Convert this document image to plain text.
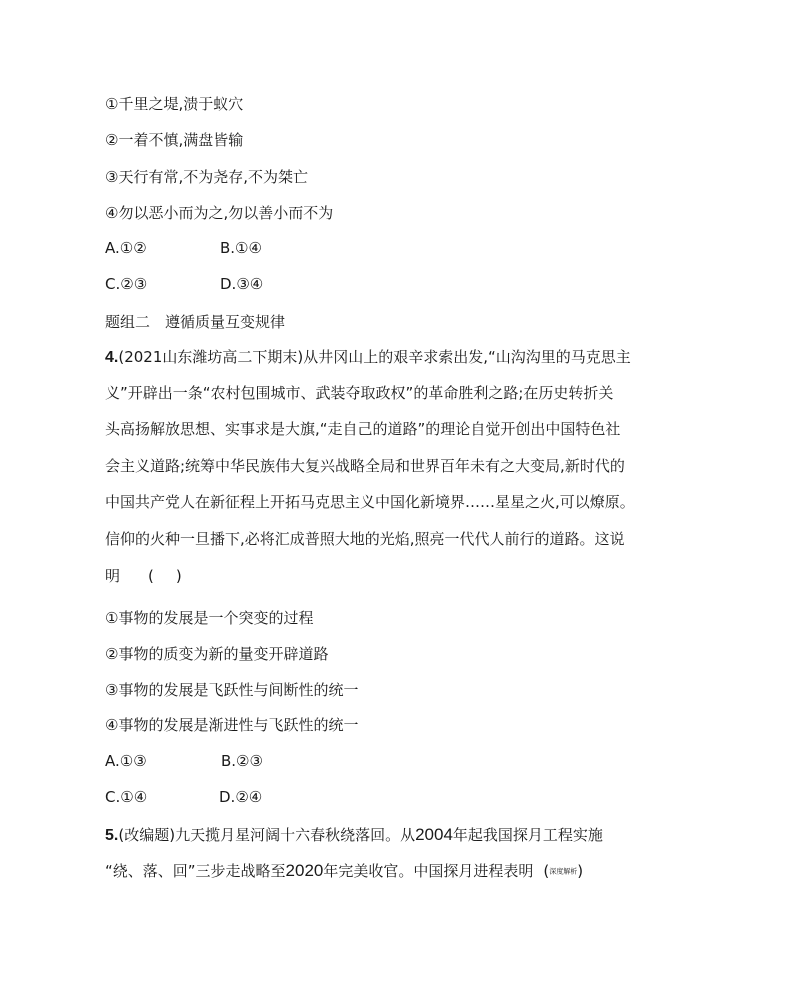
①千里之堤,溃于蚁穴
②一着不慎,满盘皆输
③天行有常,不为尧存,不为桀亡
④勿以恶小而为之,勿以善小而不为
A.①②	B.①④
C.②③	D.③④
题组二　遵循质量互变规律
4.(2021山东潍坊高二下期末)从井冈山上的艰辛求索出发,“山沟沟里的马克思主
义”开辟出一条“农村包围城市、武装夺取政权”的革命胜利之路;在历史转折关
头高扬解放思想、实事求是大旗,“走自己的道路”的理论自觉开创出中国特色社
会主义道路;统筹中华民族伟大复兴战略全局和世界百年未有之大变局,新时代的
中国共产党人在新征程上开拓马克思主义中国化新境界……星星之火,可以燎原。
信仰的火种一旦播下,必将汇成普照大地的光焰,照亮一代代人前行的道路。这说
明 ( )
①事物的发展是一个突变的过程
②事物的质变为新的量变开辟道路
③事物的发展是飞跃性与间断性的统一
④事物的发展是渐进性与飞跃性的统一
A.①③	B.②③
C.①④	D.②④
5.(改编题)九天揽月星河阔十六春秋绕落回。从2004年起我国探月工程实施
“绕、落、回”三步走战略至2020年完美收官。中国探月进程表明 (深度解析)
